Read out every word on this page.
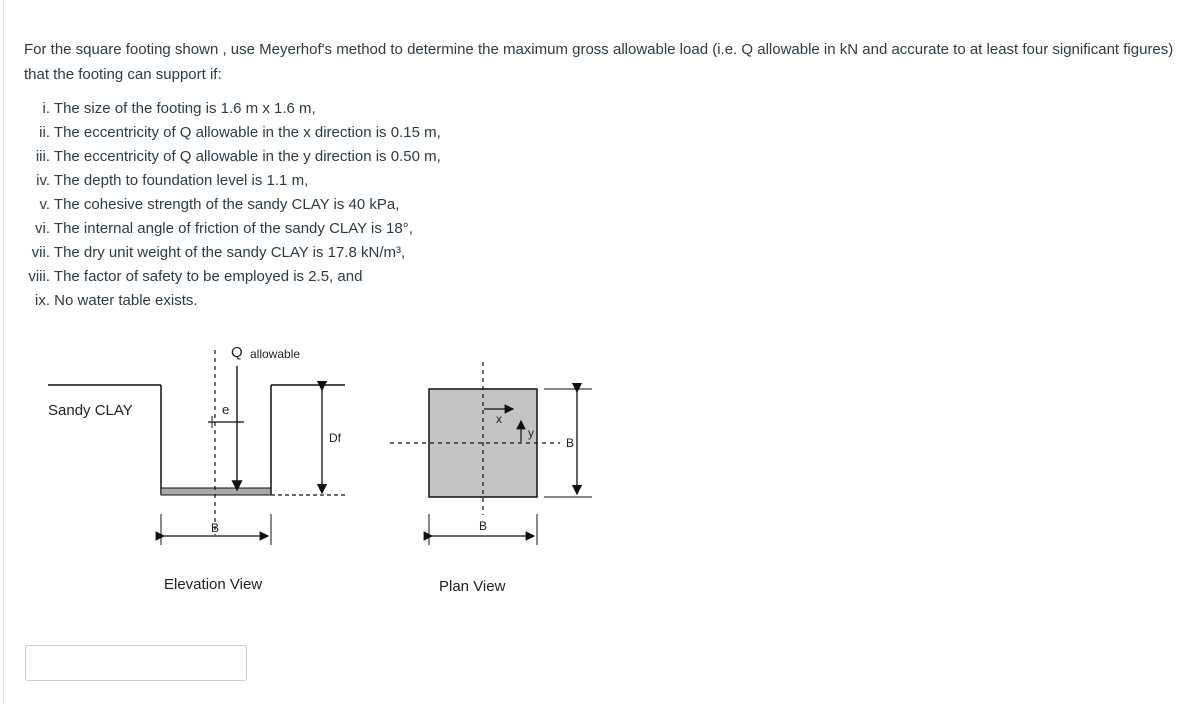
For the square footing shown , use Meyerhof's method to determine the maximum gross allowable load (i.e. Q allowable in kN and accurate to at least four significant figures) that the footing can support if:
i. The size of the footing is 1.6 m x 1.6 m,
ii. The eccentricity of Q allowable in the x direction is 0.15 m,
iii. The eccentricity of Q allowable in the y direction is 0.50 m,
iv. The depth to foundation level is 1.1 m,
v. The cohesive strength of the sandy CLAY is 40 kPa,
vi. The internal angle of friction of the sandy CLAY is 18°,
vii. The dry unit weight of the sandy CLAY is 17.8 kN/m³,
viii. The factor of safety to be employed is 2.5, and
ix. No water table exists.
Sandy CLAY
Q allowable
e
Df
B
Elevation View
x
y
B
B
Plan View
